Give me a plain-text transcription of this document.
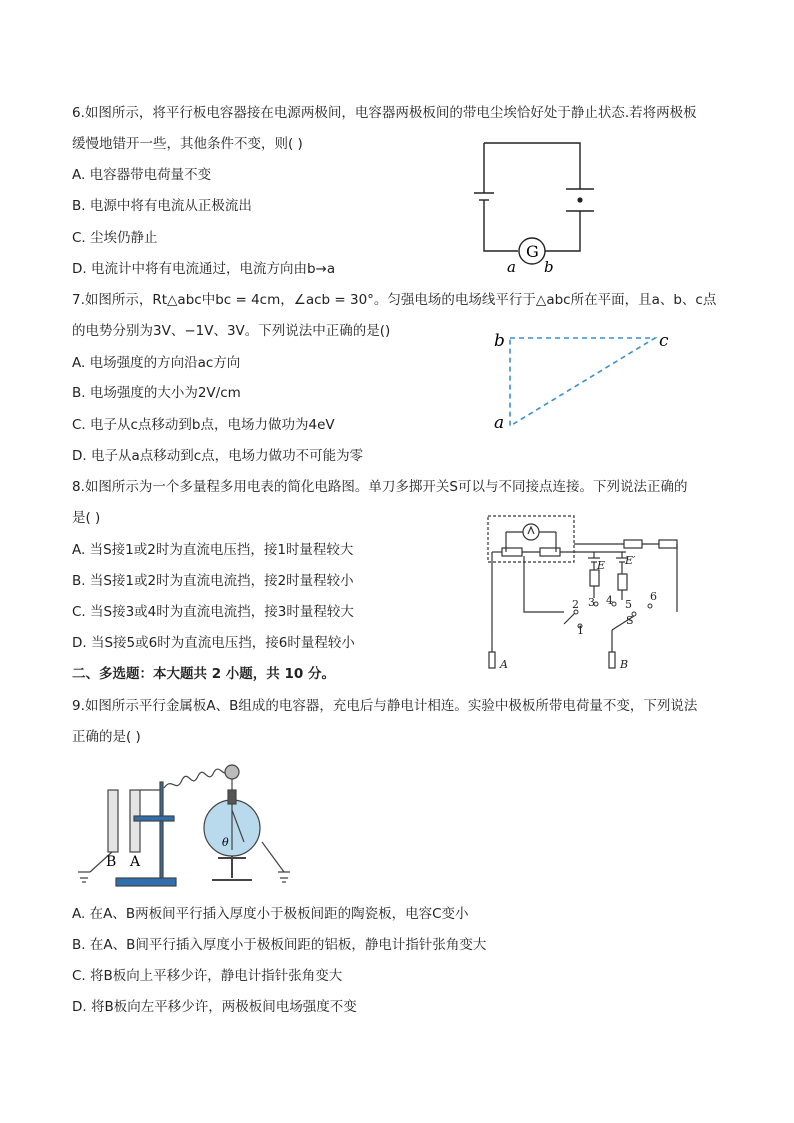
6.如图所示，将平行板电容器接在电源两极间，电容器两极板间的带电尘埃恰好处于静止状态.若将两极板
缓慢地错开一些，其他条件不变，则( )
A. 电容器带电荷量不变
B. 电源中将有电流从正极流出
C. 尘埃仍静止
D. 电流计中将有电流通过，电流方向由b→a
G
a b
7.如图所示，Rt△abc中bc = 4cm，∠acb = 30°。匀强电场的电场线平行于△abc所在平面，且a、b、c点
的电势分别为3V、−1V、3V。下列说法中正确的是()
A. 电场强度的方向沿ac方向
B. 电场强度的大小为2V/cm
C. 电子从c点移动到b点，电场力做功为4eV
D. 电子从a点移动到c点，电场力做功不可能为零
b	c
a
8.如图所示为一个多量程多用电表的简化电路图。单刀多掷开关S可以与不同接点连接。下列说法正确的
是( )
A. 当S接1或2时为直流电压挡，接1时量程较大
B. 当S接1或2时为直流电流挡，接2时量程较小
C. 当S接3或4时为直流电流挡，接3时量程较大
D. 当S接5或6时为直流电压挡，接6时量程较小
E E′
1
2 3 4 5
6
S
A	B
二、多选题：本大题共 2 小题，共 10 分。
9.如图所示平行金属板A、B组成的电容器，充电后与静电计相连。实验中极板所带电荷量不变，下列说法
正确的是( )
B A
θ
A. 在A、B两板间平行插入厚度小于极板间距的陶瓷板，电容C变小
B. 在A、B间平行插入厚度小于极板间距的铝板，静电计指针张角变大
C. 将B板向上平移少许，静电计指针张角变大
D. 将B板向左平移少许，两极板间电场强度不变
